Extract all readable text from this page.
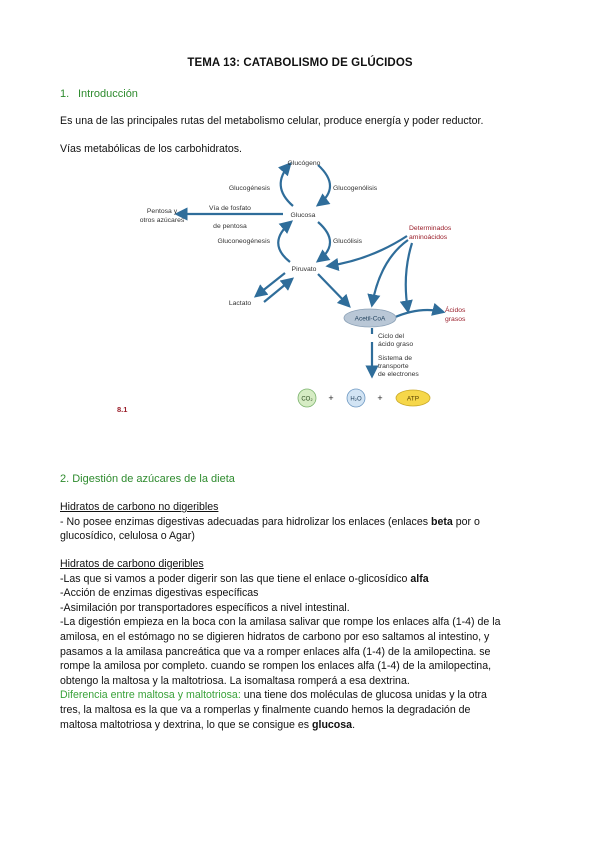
TEMA 13: CATABOLISMO DE GLÚCIDOS
1. Introducción
Es una de las principales rutas del metabolismo celular, produce energía y poder reductor.
Vías metabólicas de los carbohidratos.
Glucógeno
Glucogénesis	Glucogenólisis
Glucosa
Pentosa y
otros azúcares
Vía de fosfato
de pentosa
Gluconeogénesis	Glucólisis
Piruvato
Lactato
Ciclo del
ácido graso
Sistema de
transporte
de electrones
Determinados
aminoácidos
Ácidos
grasos
Acetil-CoA
CO₂ +	H₂O +	ATP
8.1
2. Digestión de azúcares de la dieta
Hidratos de carbono no digeribles
- No posee enzimas digestivas adecuadas para hidrolizar los enlaces (enlaces beta por o
glucosídico, celulosa o Agar)
Hidratos de carbono digeribles
-Las que si vamos a poder digerir son las que tiene el enlace o-glicosídico alfa
-Acción de enzimas digestivas específicas
-Asimilación por transportadores específicos a nivel intestinal.
-La digestión empieza en la boca con la amilasa salivar que rompe los enlaces alfa (1-4) de la
amilosa, en el estómago no se digieren hidratos de carbono por eso saltamos al intestino, y
pasamos a la amilasa pancreática que va a romper enlaces alfa (1-4) de la amilopectina. se
rompe la amilosa por completo. cuando se rompen los enlaces alfa (1-4) de la amilopectina,
obtengo la maltosa y la maltotriosa. La isomaltasa romperá a esa dextrina.
Diferencia entre maltosa y maltotriosa: una tiene dos moléculas de glucosa unidas y la otra
tres, la maltosa es la que va a romperlas y finalmente cuando hemos la degradación de
maltosa maltotriosa y dextrina, lo que se consigue es glucosa.
